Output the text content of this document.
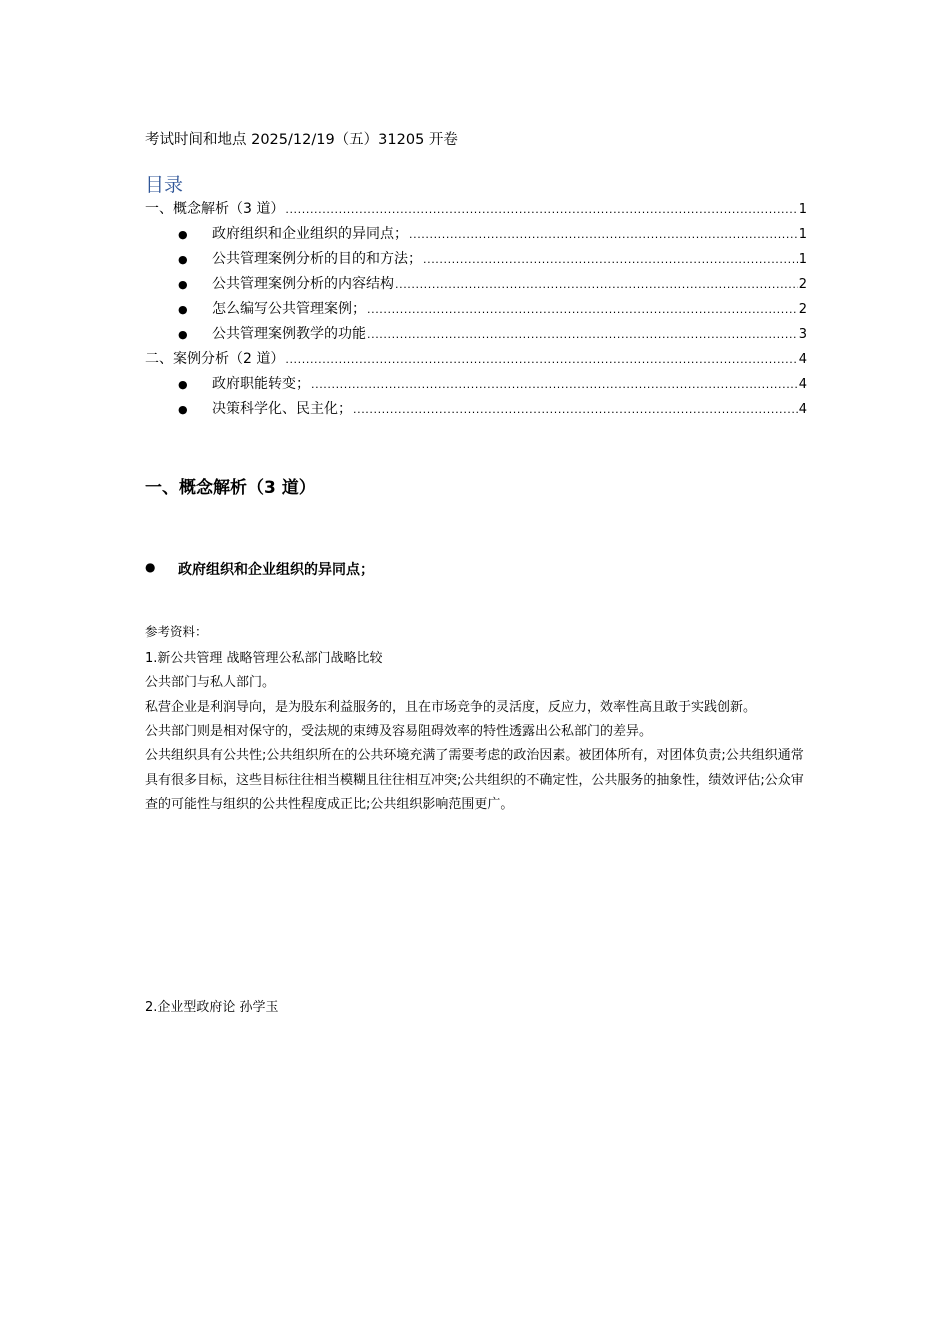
考试时间和地点 2025/12/19（五）31205 开卷
目录
一、概念解析（3 道） .....	1
●	政府组织和企业组织的异同点； .....	1
●	公共管理案例分析的目的和方法； .....	1
●	公共管理案例分析的内容结构 .....	2
●	怎么编写公共管理案例； .....	2
●	公共管理案例教学的功能 .....	3
二、案例分析（2 道） .....	4
●	政府职能转变； .....	4
●	决策科学化、民主化； .....	4
一、概念解析（3 道）
● 政府组织和企业组织的异同点；
参考资料：
1.新公共管理 战略管理公私部门战略比较
公共部门与私人部门。
私营企业是利润导向，是为股东利益服务的，且在市场竞争的灵活度，反应力，效率性高且敢于实践创新。
公共部门则是相对保守的，受法规的束缚及容易阻碍效率的特性透露出公私部门的差异。
公共组织具有公共性;公共组织所在的公共环境充满了需要考虑的政治因素。被团体所有，对团体负责;公共组织通常具有很多目标，这些目标往往相当模糊且往往相互冲突;公共组织的不确定性，公共服务的抽象性，绩效评估;公众审查的可能性与组织的公共性程度成正比;公共组织影响范围更广。
2.企业型政府论 孙学玉
